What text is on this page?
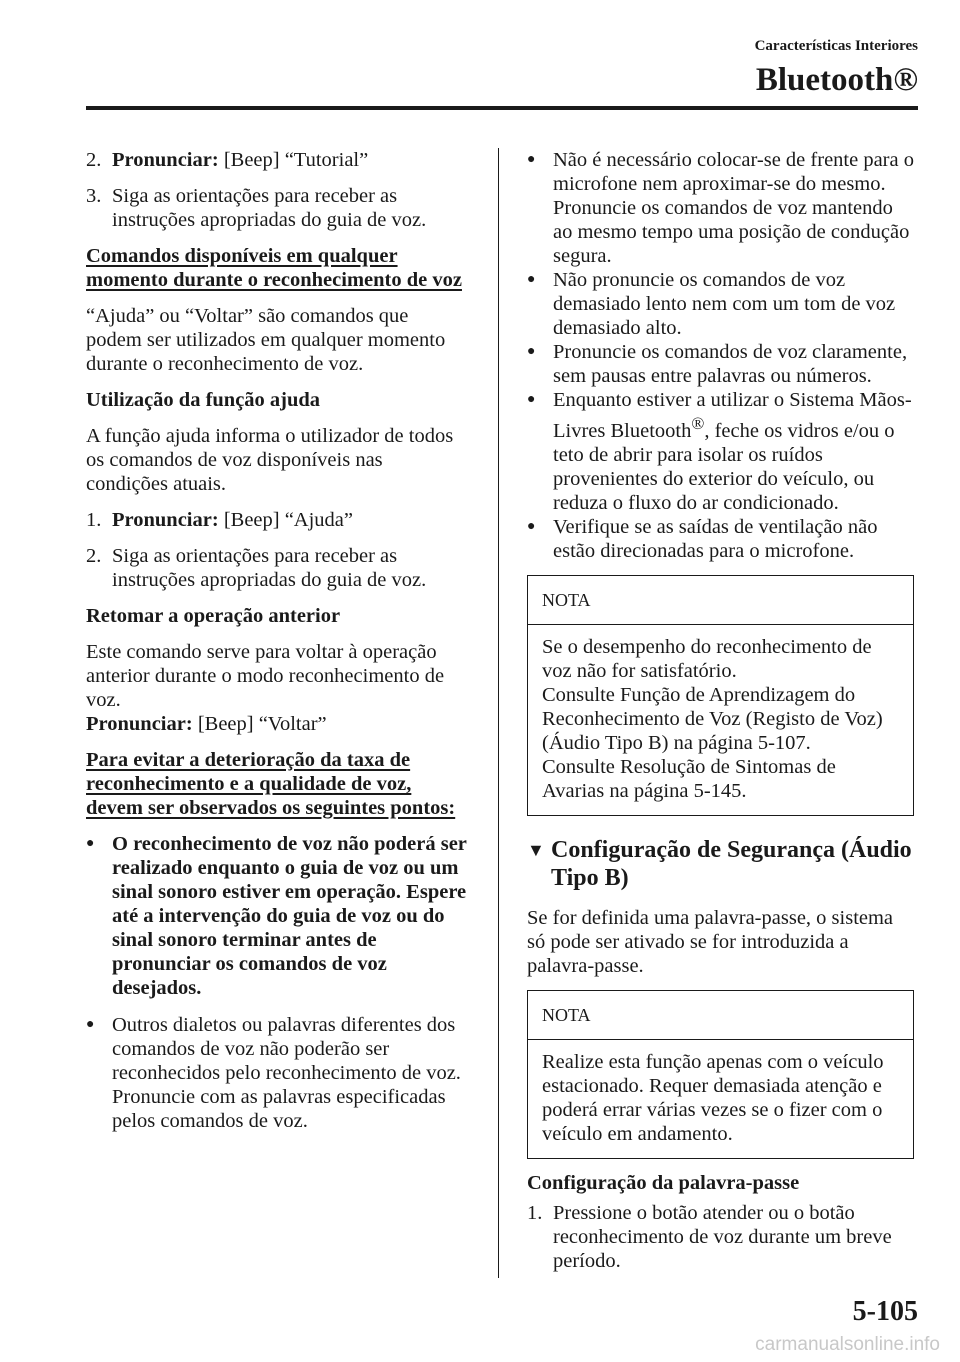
Características Interiores
Bluetooth®
2. Pronunciar: [Beep] “Tutorial”
3. Siga as orientações para receber as instruções apropriadas do guia de voz.
Comandos disponíveis em qualquer momento durante o reconhecimento de voz

“Ajuda” ou “Voltar” são comandos que podem ser utilizados em qualquer momento durante o reconhecimento de voz.

Utilização da função ajuda

A função ajuda informa o utilizador de todos os comandos de voz disponíveis nas condições atuais.

1. Pronunciar: [Beep] “Ajuda”
2. Siga as orientações para receber as instruções apropriadas do guia de voz.
Retomar a operação anterior

Este comando serve para voltar à operação anterior durante o modo reconhecimento de voz.
Pronunciar: [Beep] “Voltar”

Para evitar a deterioração da taxa de reconhecimento e a qualidade de voz, devem ser observados os seguintes pontos:
● O reconhecimento de voz não poderá ser realizado enquanto o guia de voz ou um sinal sonoro estiver em operação. Espere até a intervenção do guia de voz ou do sinal sonoro terminar antes de pronunciar os comandos de voz desejados.
● Outros dialetos ou palavras diferentes dos comandos de voz não poderão ser reconhecidos pelo reconhecimento de voz. Pronuncie com as palavras especificadas pelos comandos de voz.
● Não é necessário colocar-se de frente para o microfone nem aproximar-se do mesmo. Pronuncie os comandos de voz mantendo ao mesmo tempo uma posição de condução segura.
● Não pronuncie os comandos de voz demasiado lento nem com um tom de voz demasiado alto.
● Pronuncie os comandos de voz claramente, sem pausas entre palavras ou números.
● Enquanto estiver a utilizar o Sistema Mãos-Livres Bluetooth®, feche os vidros e/ou o teto de abrir para isolar os ruídos provenientes do exterior do veículo, ou reduza o fluxo do ar condicionado.
● Verifique se as saídas de ventilação não estão direcionadas para o microfone.
NOTA
Se o desempenho do reconhecimento de voz não for satisfatório.
Consulte Função de Aprendizagem do Reconhecimento de Voz (Registo de Voz) (Áudio Tipo B) na página 5-107.
Consulte Resolução de Sintomas de Avarias na página 5-145.
▼ Configuração de Segurança (Áudio Tipo B)

Se for definida uma palavra-passe, o sistema só pode ser ativado se for introduzida a palavra-passe.

NOTA
Realize esta função apenas com o veículo estacionado. Requer demasiada atenção e poderá errar várias vezes se o fizer com o veículo em andamento.
Configuração da palavra-passe
1. Pressione o botão atender ou o botão reconhecimento de voz durante um breve período.
5-105
carmanualsonline.info
